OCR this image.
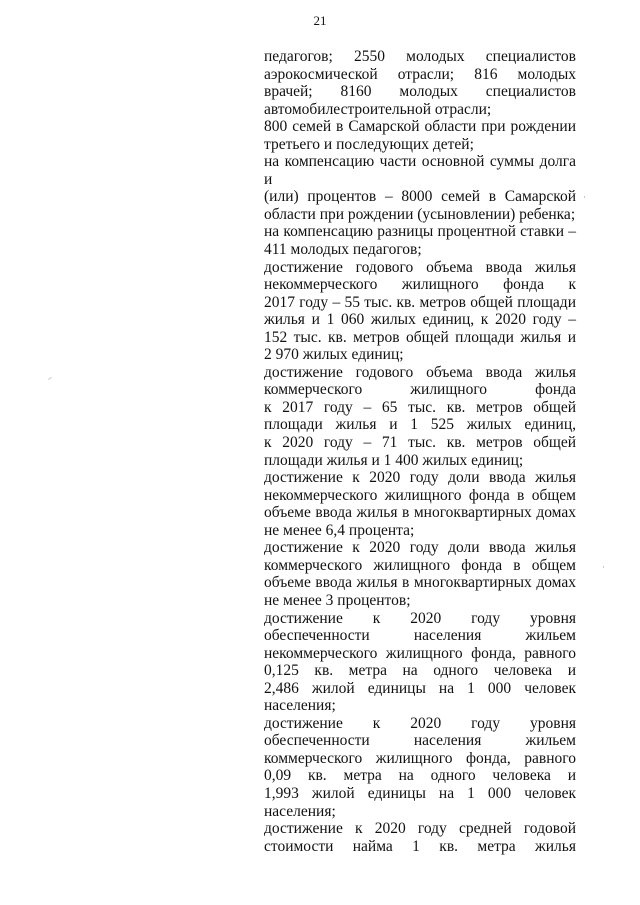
21
педагогов; 2550 молодых специалистов
аэрокосмической отрасли; 816 молодых
врачей; 8160 молодых специалистов
автомобилестроительной отрасли;
800 семей в Самарской области при рождении
третьего и последующих детей;
на компенсацию части основной суммы долга и
(или) процентов – 8000 семей в Самарской
области при рождении (усыновлении) ребенка;
на компенсацию разницы процентной ставки –
411 молодых педагогов;
достижение годового объема ввода жилья
некоммерческого жилищного фонда к
2017 году – 55 тыс. кв. метров общей площади
жилья и 1 060 жилых единиц, к 2020 году –
152 тыс. кв. метров общей площади жилья и
2 970 жилых единиц;
достижение годового объема ввода жилья
коммерческого жилищного фонда
к 2017 году – 65 тыс. кв. метров общей
площади жилья и 1 525 жилых единиц,
к 2020 году – 71 тыс. кв. метров общей
площади жилья и 1 400 жилых единиц;
достижение к 2020 году доли ввода жилья
некоммерческого жилищного фонда в общем
объеме ввода жилья в многоквартирных домах
не менее 6,4 процента;
достижение к 2020 году доли ввода жилья
коммерческого жилищного фонда в общем
объеме ввода жилья в многоквартирных домах
не менее 3 процентов;
достижение к 2020 году уровня
обеспеченности населения жильем
некоммерческого жилищного фонда, равного
0,125 кв. метра на одного человека и
2,486 жилой единицы на 1 000 человек
населения;
достижение к 2020 году уровня
обеспеченности населения жильем
коммерческого жилищного фонда, равного
0,09 кв. метра на одного человека и
1,993 жилой единицы на 1 000 человек
населения;
достижение к 2020 году средней годовой
стоимости найма 1 кв. метра жилья
